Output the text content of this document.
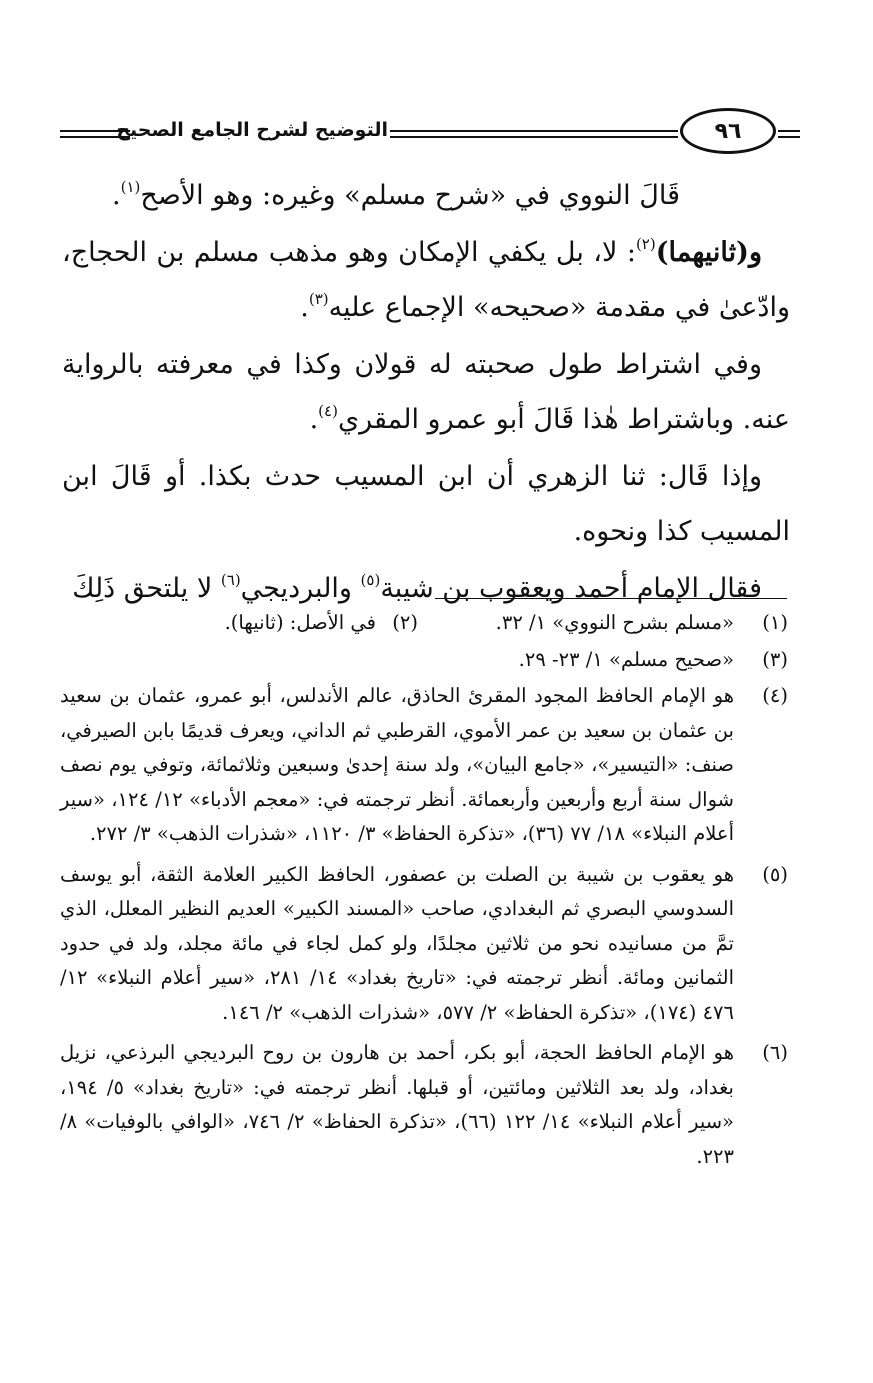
التوضيح لشرح الجامع الصحيح	٩٦

قَالَ النووي في «شرح مسلم» وغيره: وهو الأصح$^{(١)}$.

و(ثانيهما)$^{(٢)}$: لا، بل يكفي الإمكان وهو مذهب مسلم بن الحجاج، وادّعىٰ في مقدمة «صحيحه» الإجماع عليه$^{(٣)}$.

وفي اشتراط طول صحبته له قولان وكذا في معرفته بالرواية عنه. وباشتراط هٰذا قَالَ أبو عمرو المقري$^{(٤)}$.

وإذا قَال: ثنا الزهري أن ابن المسيب حدث بكذا. أو قَالَ ابن المسيب كذا ونحوه.

فقال الإمام أحمد ويعقوب بن شيبة$^{(٥)}$ والبرديجي$^{(٦)}$ لا يلتحق ذَلِكَ

(١)
«مسلم بشرح النووي» ١/ ٣٢.
(٢)
في الأصل: (ثانيها).
(٣)
«صحيح مسلم» ١/ ٢٣- ٢٩.
(٤)
هو الإمام الحافظ المجود المقرئ الحاذق، عالم الأندلس، أبو عمرو، عثمان بن سعيد بن عثمان بن سعيد بن عمر الأموي، القرطبي ثم الداني، ويعرف قديمًا بابن الصيرفي، صنف: «التيسير»، «جامع البيان»، ولد سنة إحدىٰ وسبعين وثلاثمائة، وتوفي يوم نصف شوال سنة أربع وأربعين وأربعمائة. أنظر ترجمته في: «معجم الأدباء» ١٢/ ١٢٤، «سير أعلام النبلاء» ١٨/ ٧٧ (٣٦)، «تذكرة الحفاظ» ٣/ ١١٢٠، «شذرات الذهب» ٣/ ٢٧٢.
(٥)
هو يعقوب بن شيبة بن الصلت بن عصفور، الحافظ الكبير العلامة الثقة، أبو يوسف السدوسي البصري ثم البغدادي، صاحب «المسند الكبير» العديم النظير المعلل، الذي تمَّ من مسانيده نحو من ثلاثين مجلدًا، ولو كمل لجاء في مائة مجلد، ولد في حدود الثمانين ومائة. أنظر ترجمته في: «تاريخ بغداد» ١٤/ ٢٨١، «سير أعلام النبلاء» ١٢/ ٤٧٦ (١٧٤)، «تذكرة الحفاظ» ٢/ ٥٧٧، «شذرات الذهب» ٢/ ١٤٦.
(٦)
هو الإمام الحافظ الحجة، أبو بكر، أحمد بن هارون بن روح البرديجي البرذعي، نزيل بغداد، ولد بعد الثلاثين ومائتين، أو قبلها. أنظر ترجمته في: «تاريخ بغداد» ٥/ ١٩٤، «سير أعلام النبلاء» ١٤/ ١٢٢ (٦٦)، «تذكرة الحفاظ» ٢/ ٧٤٦، «الوافي بالوفيات» ٨/ ٢٢٣.
